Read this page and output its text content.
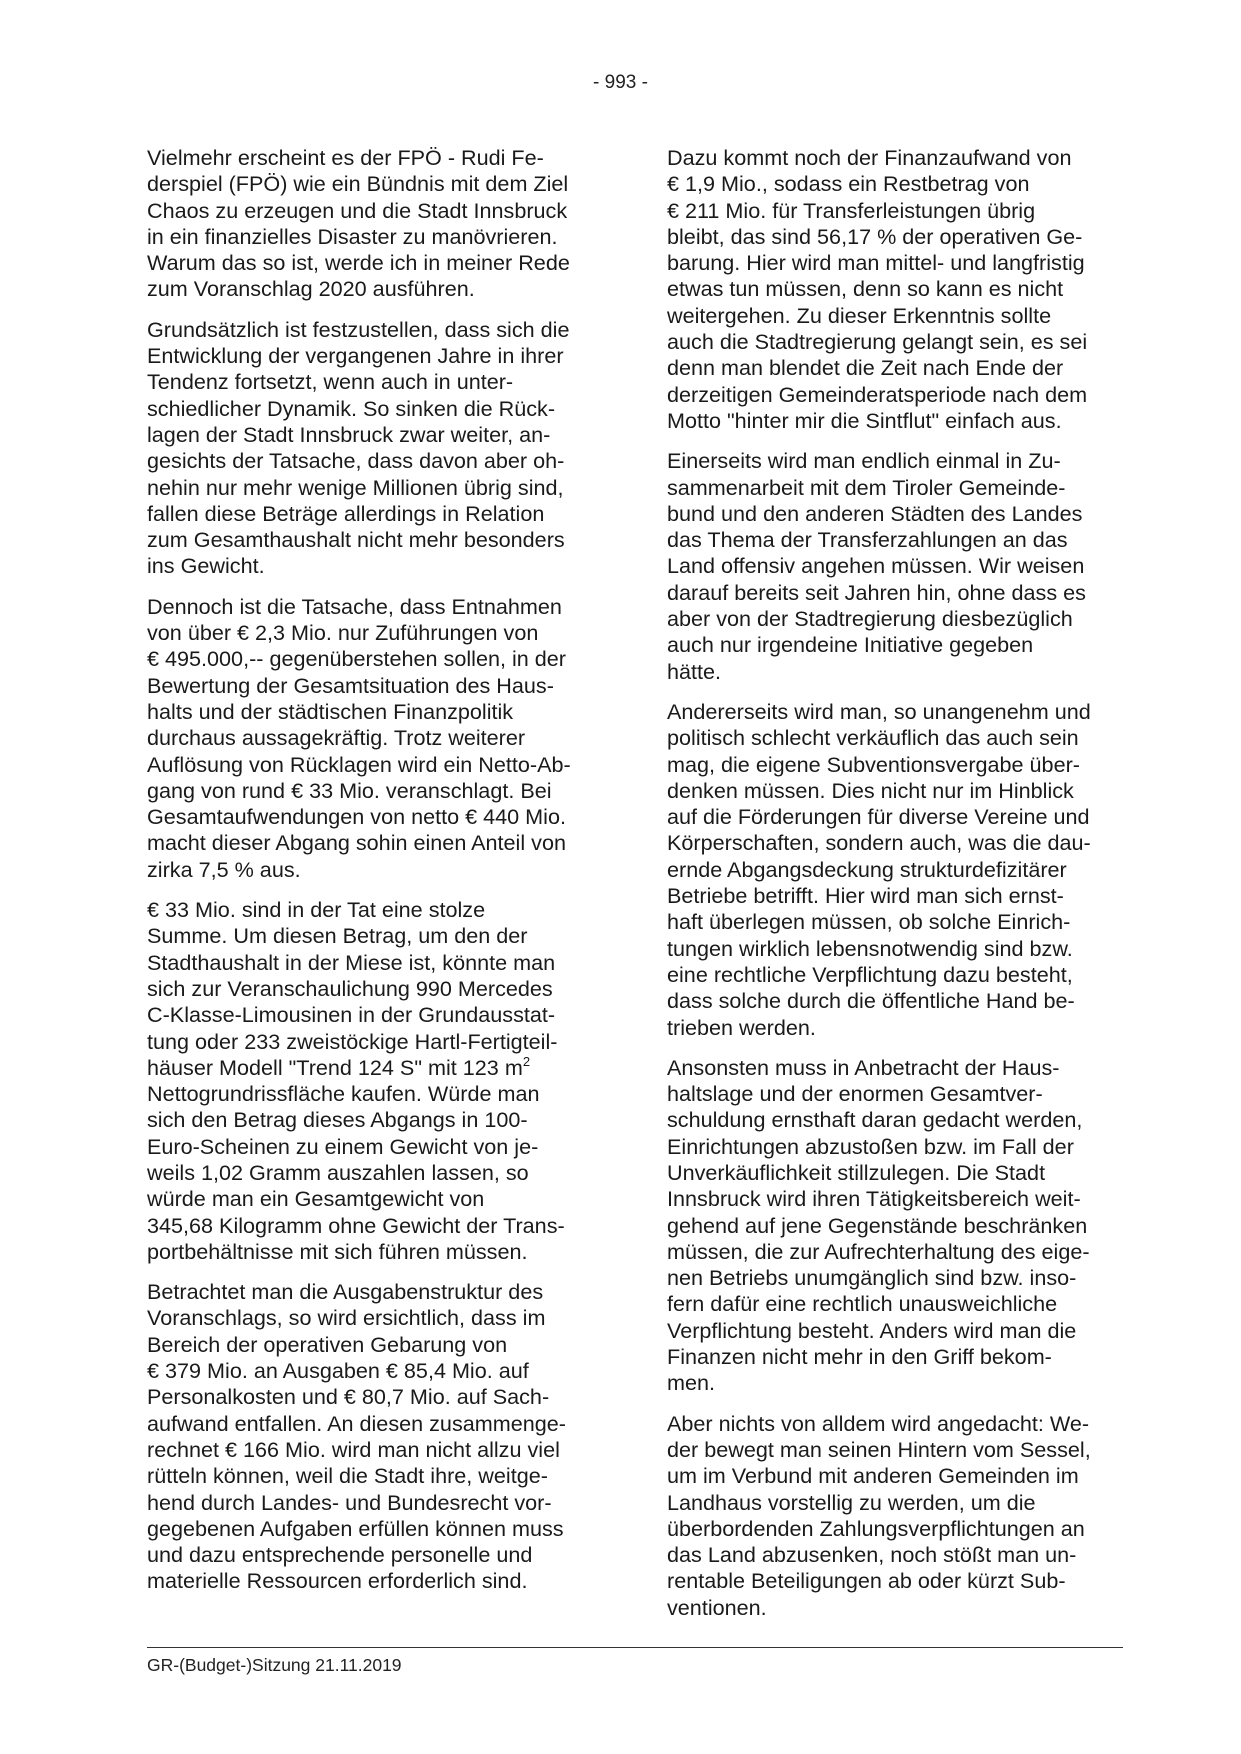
- 993 -

Vielmehr erscheint es der FPÖ - Rudi Fe-
derspiel (FPÖ) wie ein Bündnis mit dem Ziel
Chaos zu erzeugen und die Stadt Innsbruck
in ein finanzielles Disaster zu manövrieren.
Warum das so ist, werde ich in meiner Rede
zum Voranschlag 2020 ausführen.

Grundsätzlich ist festzustellen, dass sich die
Entwicklung der vergangenen Jahre in ihrer
Tendenz fortsetzt, wenn auch in unter-
schiedlicher Dynamik. So sinken die Rück-
lagen der Stadt Innsbruck zwar weiter, an-
gesichts der Tatsache, dass davon aber oh-
nehin nur mehr wenige Millionen übrig sind,
fallen diese Beträge allerdings in Relation
zum Gesamthaushalt nicht mehr besonders
ins Gewicht.

Dennoch ist die Tatsache, dass Entnahmen
von über € 2,3 Mio. nur Zuführungen von
€ 495.000,-- gegenüberstehen sollen, in der
Bewertung der Gesamtsituation des Haus-
halts und der städtischen Finanzpolitik
durchaus aussagekräftig. Trotz weiterer
Auflösung von Rücklagen wird ein Netto-Ab-
gang von rund € 33 Mio. veranschlagt. Bei
Gesamtaufwendungen von netto € 440 Mio.
macht dieser Abgang sohin einen Anteil von
zirka 7,5 % aus.

€ 33 Mio. sind in der Tat eine stolze
Summe. Um diesen Betrag, um den der
Stadthaushalt in der Miese ist, könnte man
sich zur Veranschaulichung 990 Mercedes
C-Klasse-Limousinen in der Grundausstat-
tung oder 233 zweistöckige Hartl-Fertigteil-
häuser Modell "Trend 124 S" mit 123 $m^2$
Nettogrundrissfläche kaufen. Würde man
sich den Betrag dieses Abgangs in 100-
Euro-Scheinen zu einem Gewicht von je-
weils 1,02 Gramm auszahlen lassen, so
würde man ein Gesamtgewicht von
345,68 Kilogramm ohne Gewicht der Trans-
portbehältnisse mit sich führen müssen.

Betrachtet man die Ausgabenstruktur des
Voranschlags, so wird ersichtlich, dass im
Bereich der operativen Gebarung von
€ 379 Mio. an Ausgaben € 85,4 Mio. auf
Personalkosten und € 80,7 Mio. auf Sach-
aufwand entfallen. An diesen zusammenge-
rechnet € 166 Mio. wird man nicht allzu viel
rütteln können, weil die Stadt ihre, weitge-
hend durch Landes- und Bundesrecht vor-
gegebenen Aufgaben erfüllen können muss
und dazu entsprechende personelle und
materielle Ressourcen erforderlich sind.

Dazu kommt noch der Finanzaufwand von
€ 1,9 Mio., sodass ein Restbetrag von
€ 211 Mio. für Transferleistungen übrig
bleibt, das sind 56,17 % der operativen Ge-
barung. Hier wird man mittel- und langfristig
etwas tun müssen, denn so kann es nicht
weitergehen. Zu dieser Erkenntnis sollte
auch die Stadtregierung gelangt sein, es sei
denn man blendet die Zeit nach Ende der
derzeitigen Gemeinderatsperiode nach dem
Motto "hinter mir die Sintflut" einfach aus.

Einerseits wird man endlich einmal in Zu-
sammenarbeit mit dem Tiroler Gemeinde-
bund und den anderen Städten des Landes
das Thema der Transferzahlungen an das
Land offensiv angehen müssen. Wir weisen
darauf bereits seit Jahren hin, ohne dass es
aber von der Stadtregierung diesbezüglich
auch nur irgendeine Initiative gegeben
hätte.

Andererseits wird man, so unangenehm und
politisch schlecht verkäuflich das auch sein
mag, die eigene Subventionsvergabe über-
denken müssen. Dies nicht nur im Hinblick
auf die Förderungen für diverse Vereine und
Körperschaften, sondern auch, was die dau-
ernde Abgangsdeckung strukturdefizitärer
Betriebe betrifft. Hier wird man sich ernst-
haft überlegen müssen, ob solche Einrich-
tungen wirklich lebensnotwendig sind bzw.
eine rechtliche Verpflichtung dazu besteht,
dass solche durch die öffentliche Hand be-
trieben werden.

Ansonsten muss in Anbetracht der Haus-
haltslage und der enormen Gesamtver-
schuldung ernsthaft daran gedacht werden,
Einrichtungen abzustoßen bzw. im Fall der
Unverkäuflichkeit stillzulegen. Die Stadt
Innsbruck wird ihren Tätigkeitsbereich weit-
gehend auf jene Gegenstände beschränken
müssen, die zur Aufrechterhaltung des eige-
nen Betriebs unumgänglich sind bzw. inso-
fern dafür eine rechtlich unausweichliche
Verpflichtung besteht. Anders wird man die
Finanzen nicht mehr in den Griff bekom-
men.

Aber nichts von alldem wird angedacht: We-
der bewegt man seinen Hintern vom Sessel,
um im Verbund mit anderen Gemeinden im
Landhaus vorstellig zu werden, um die
überbordenden Zahlungsverpflichtungen an
das Land abzusenken, noch stößt man un-
rentable Beteiligungen ab oder kürzt Sub-
ventionen.

GR-(Budget-)Sitzung 21.11.2019
